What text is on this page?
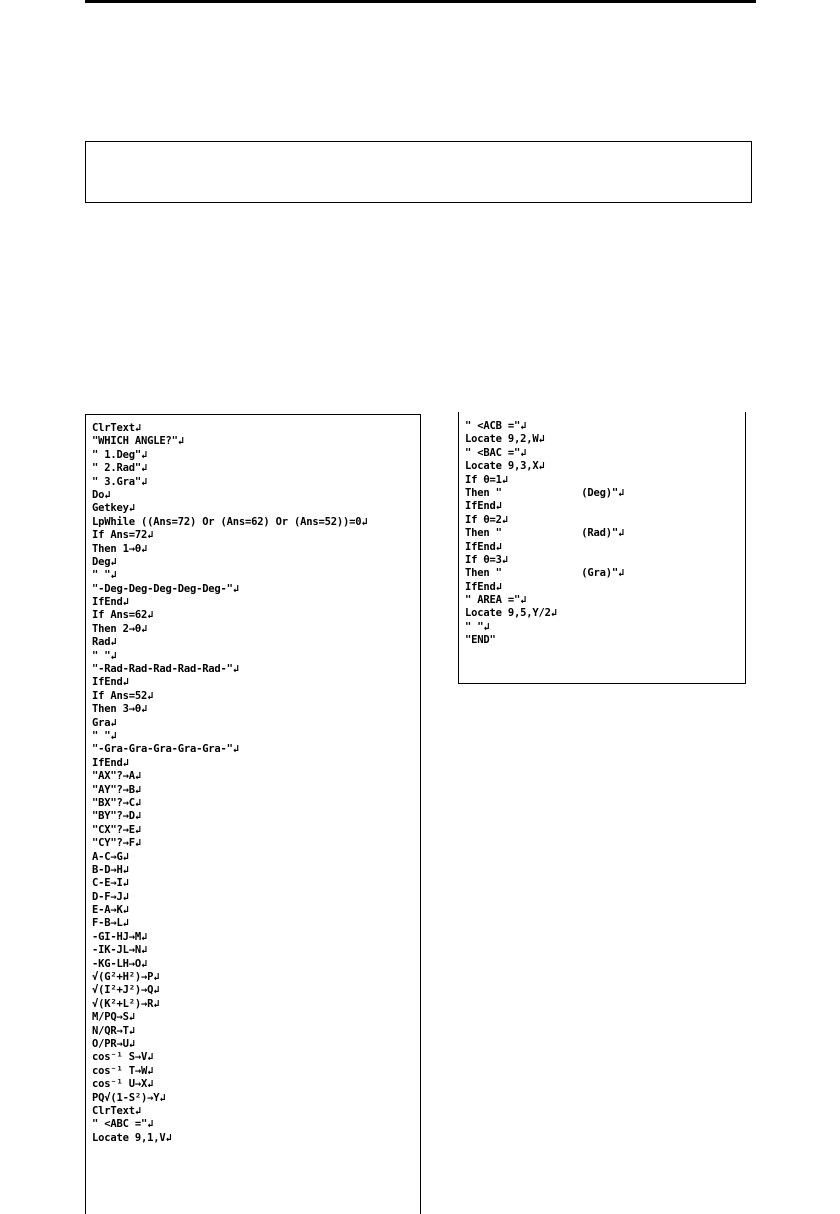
ClrText↲
"WHICH ANGLE?"↲
" 1.Deg"↲
" 2.Rad"↲
" 3.Gra"↲
Do↲
Getkey↲
LpWhile ((Ans=72) Or (Ans=62) Or (Ans=52))=0↲
If Ans=72↲
Then 1→θ↲
Deg↲
" "↲
"-Deg-Deg-Deg-Deg-Deg-"↲
IfEnd↲
If Ans=62↲
Then 2→θ↲
Rad↲
" "↲
"-Rad-Rad-Rad-Rad-Rad-"↲
IfEnd↲
If Ans=52↲
Then 3→θ↲
Gra↲
" "↲
"-Gra-Gra-Gra-Gra-Gra-"↲
IfEnd↲
"AX"?→A↲
"AY"?→B↲
"BX"?→C↲
"BY"?→D↲
"CX"?→E↲
"CY"?→F↲
A-C→G↲
B-D→H↲
C-E→I↲
D-F→J↲
E-A→K↲
F-B→L↲
-GI-HJ→M↲
-IK-JL→N↲
-KG-LH→O↲
√(G²+H²)→P↲
√(I²+J²)→Q↲
√(K²+L²)→R↲
M/PQ→S↲
N/QR→T↲
O/PR→U↲
cos⁻¹ S→V↲
cos⁻¹ T→W↲
cos⁻¹ U→X↲
PQ√(1-S²)→Y↲
ClrText↲
" <ABC ="↲
Locate 9,1,V↲
" <ACB ="↲
Locate 9,2,W↲
" <BAC ="↲
Locate 9,3,X↲
If θ=1↲
Then "             (Deg)"↲
IfEnd↲
If θ=2↲
Then "             (Rad)"↲
IfEnd↲
If θ=3↲
Then "             (Gra)"↲
IfEnd↲
" AREA ="↲
Locate 9,5,Y/2↲
" "↲
"END"
